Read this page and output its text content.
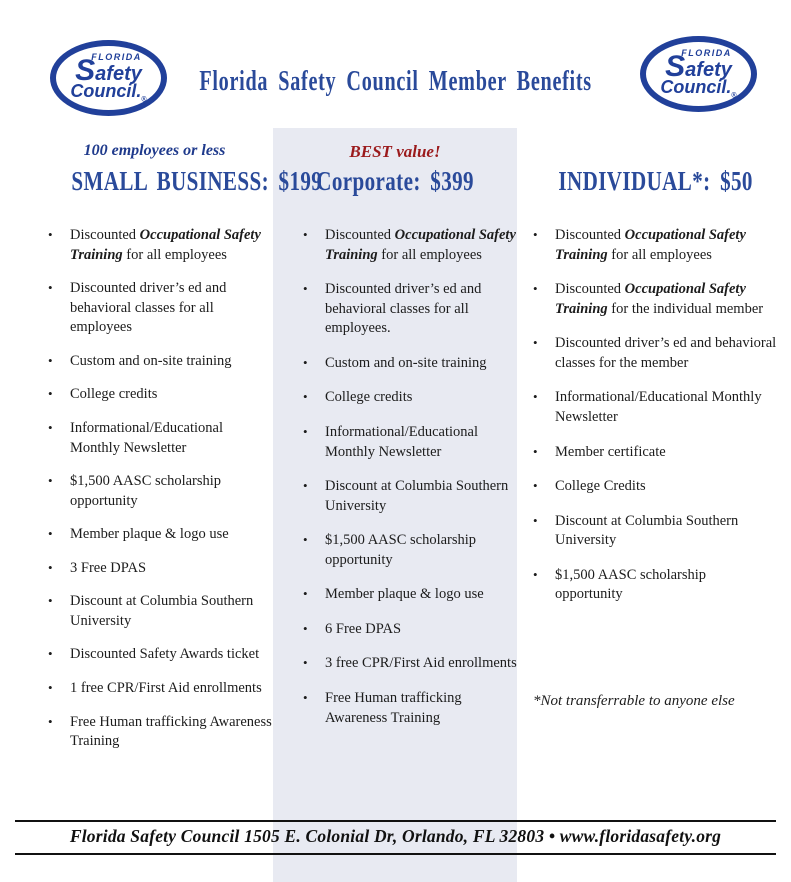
FLORIDA
Safety
$Council._®$
Florida Safety Council Member Benefits
FLORIDA
Safety
$Council._®$
100 employees or less
SMALL BUSINESS: $199
•	Discounted Occupational Safety Training for all employees
•	Discounted driver’s ed and behavioral classes for all employees
•	Custom and on-site training
•	College credits
•	Informational/Educational Monthly Newsletter
•	$1,500 AASC scholarship opportunity
•	Member plaque & logo use
•	3 Free DPAS
•	Discount at Columbia Southern University
•	Discounted Safety Awards ticket
•	1 free CPR/First Aid enrollments
•	Free Human trafficking Awareness Training
BEST value!
Corporate: $399
•	Discounted Occupational Safety Training for all employees
•	Discounted driver’s ed and behavioral classes for all employees.
•	Custom and on-site training
•	College credits
•	Informational/Educational Monthly Newsletter
•	Discount at Columbia Southern University
•	$1,500 AASC scholarship opportunity
•	Member plaque & logo use
•	6 Free DPAS
•	3 free CPR/First Aid enrollments
•	Free Human trafficking Awareness Training
INDIVIDUAL*: $50
•	Discounted Occupational Safety Training for all employees
•	Discounted Occupational Safety Training for the individual member
•	Discounted driver’s ed and behavioral classes for the member
•	Informational/Educational Monthly Newsletter
•	Member certificate
•	College Credits
•	Discount at Columbia Southern University
•	$1,500 AASC scholarship opportunity
*Not transferrable to anyone else
Florida Safety Council 1505 E. Colonial Dr, Orlando, FL 32803 • www.floridasafety.org
